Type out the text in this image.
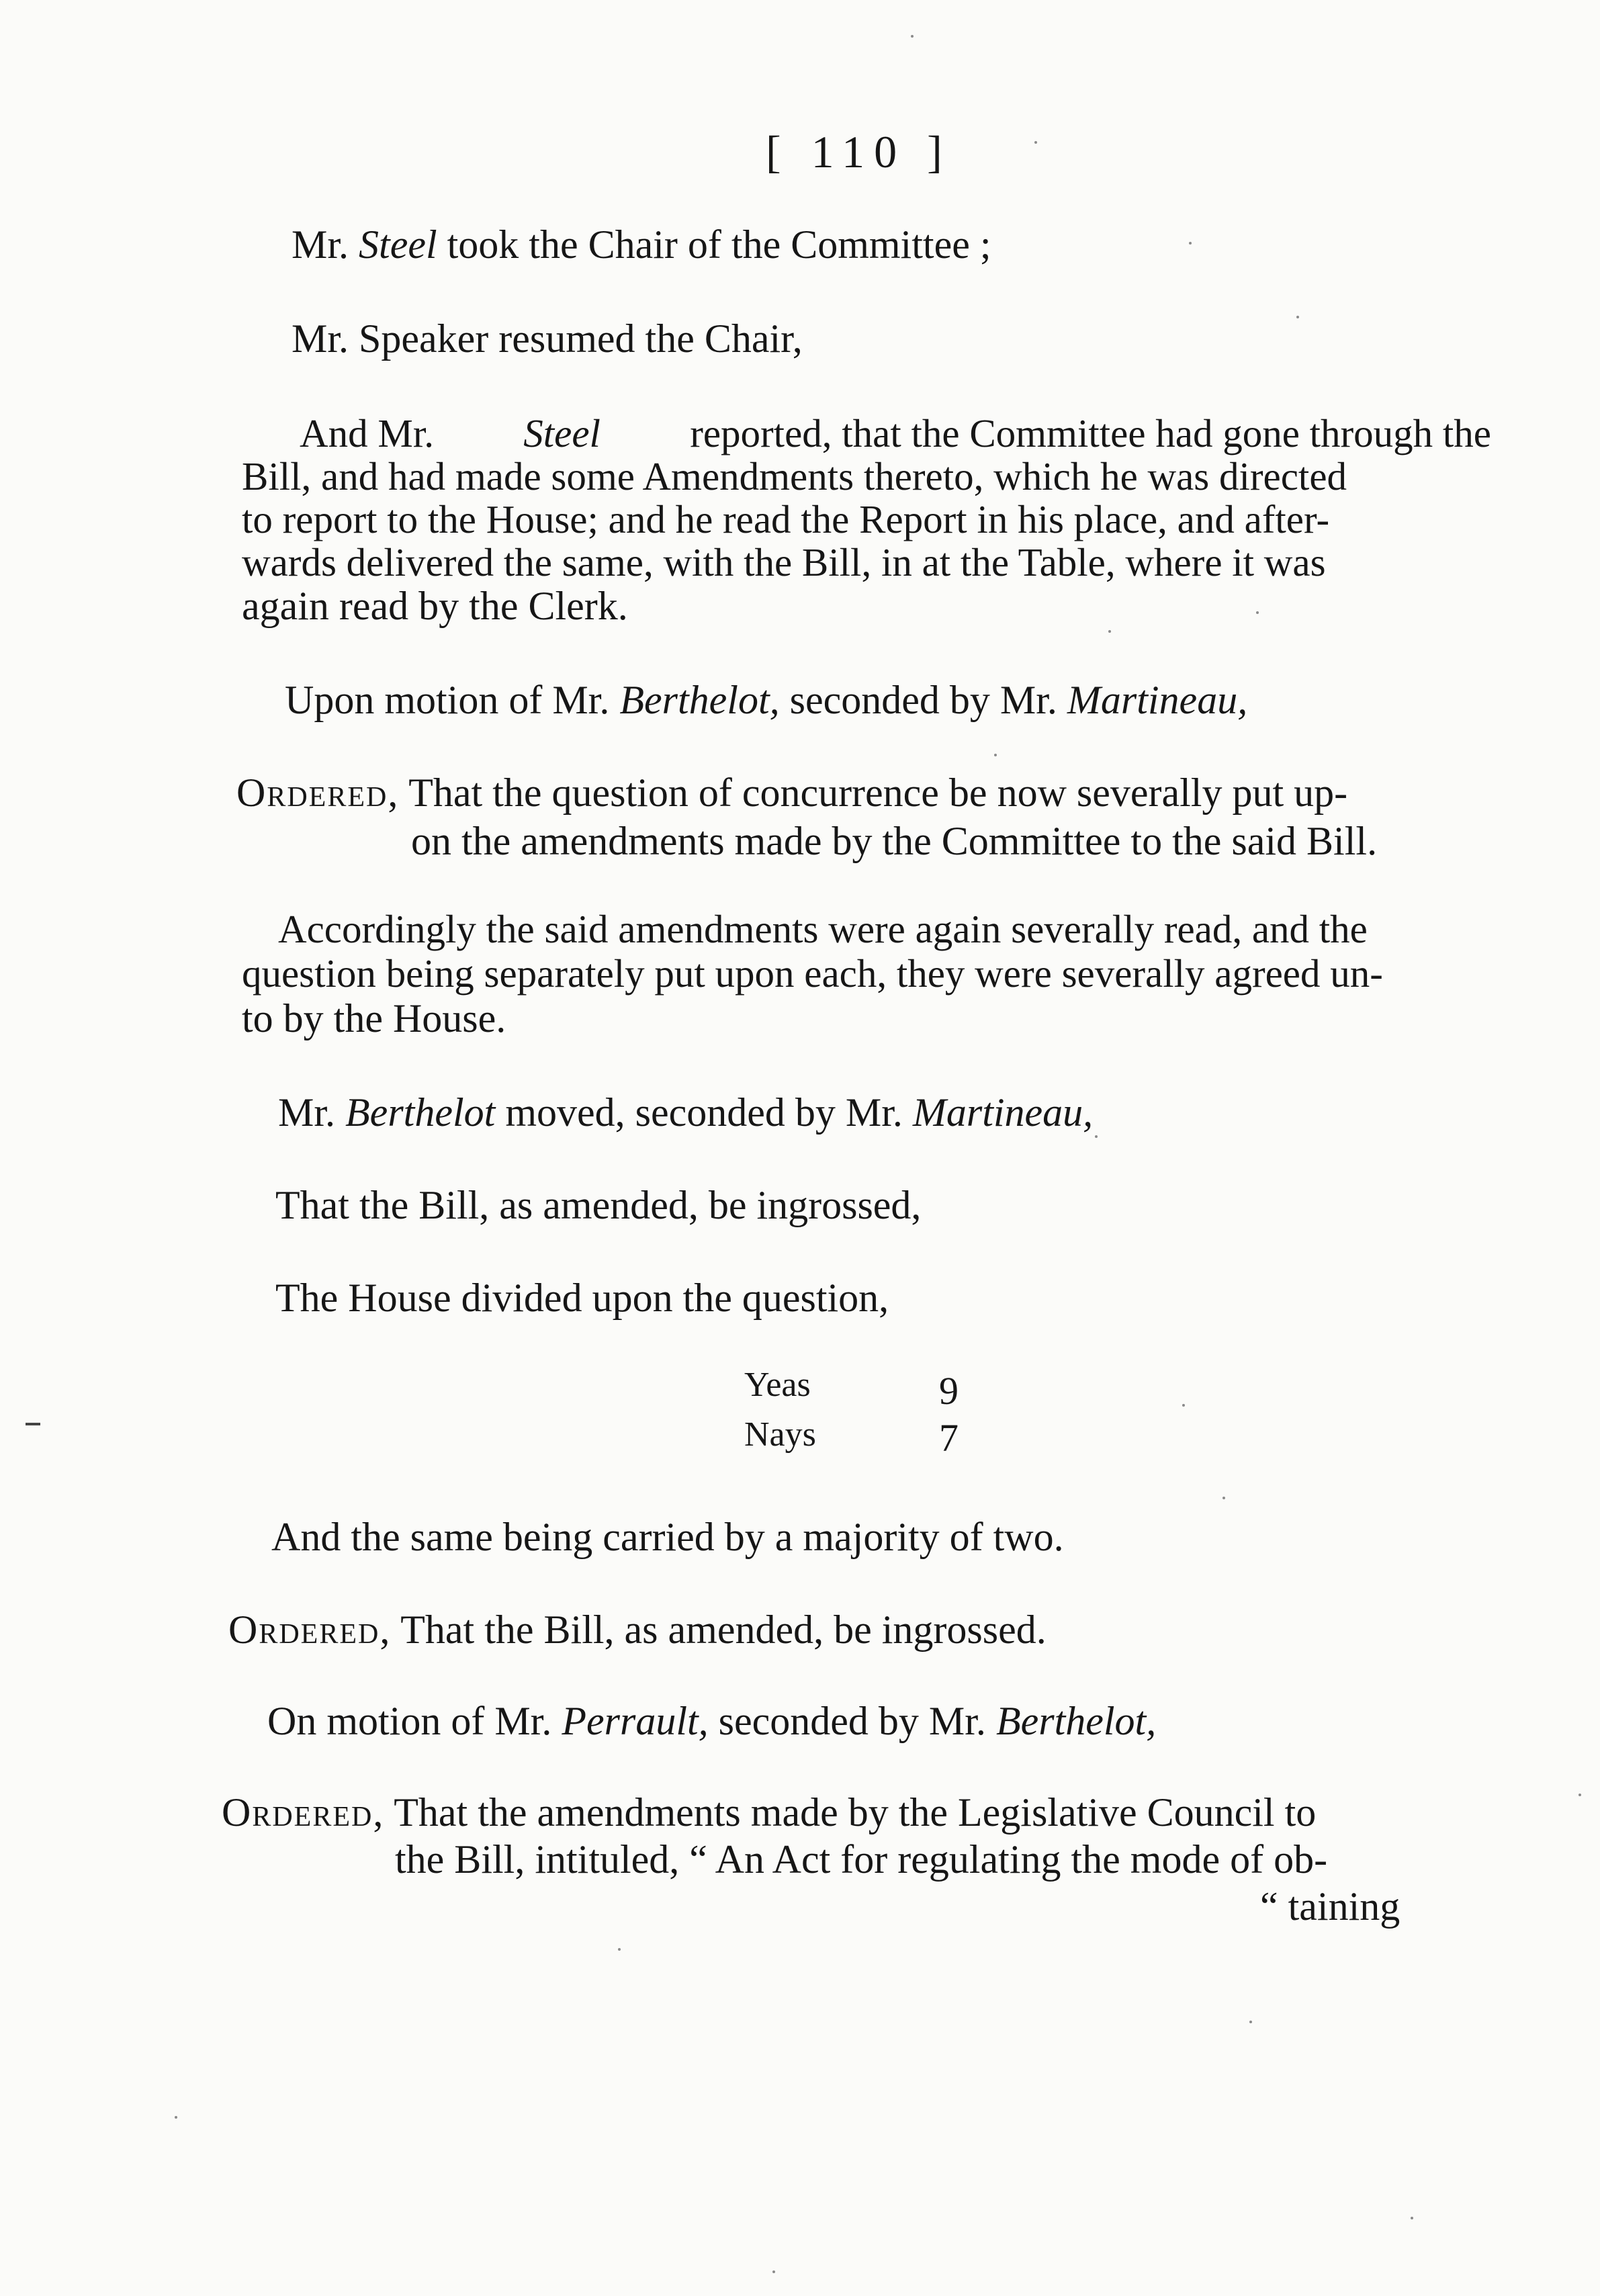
[ 110 ]
Mr. Steel took the Chair of the Committee ;
Mr. Speaker resumed the Chair,
And Mr. Steel reported, that the Committee had gone through the
Bill, and had made some Amendments thereto, which he was directed
to report to the House; and he read the Report in his place, and after-
wards delivered the same, with the Bill, in at the Table, where it was
again read by the Clerk.
Upon motion of Mr. Berthelot, seconded by Mr. Martineau,
Ordered, That the question of concurrence be now severally put up-
on the amendments made by the Committee to the said Bill.
Accordingly the said amendments were again severally read, and the
question being separately put upon each, they were severally agreed un-
to by the House.
Mr. Berthelot moved, seconded by Mr. Martineau,
That the Bill, as amended, be ingrossed,
The House divided upon the question,
Yeas	9
Nays	7
And the same being carried by a majority of two.
Ordered, That the Bill, as amended, be ingrossed.
On motion of Mr. Perrault, seconded by Mr. Berthelot,
Ordered, That the amendments made by the Legislative Council to
the Bill, intituled, “ An Act for regulating the mode of ob-
“ taining
